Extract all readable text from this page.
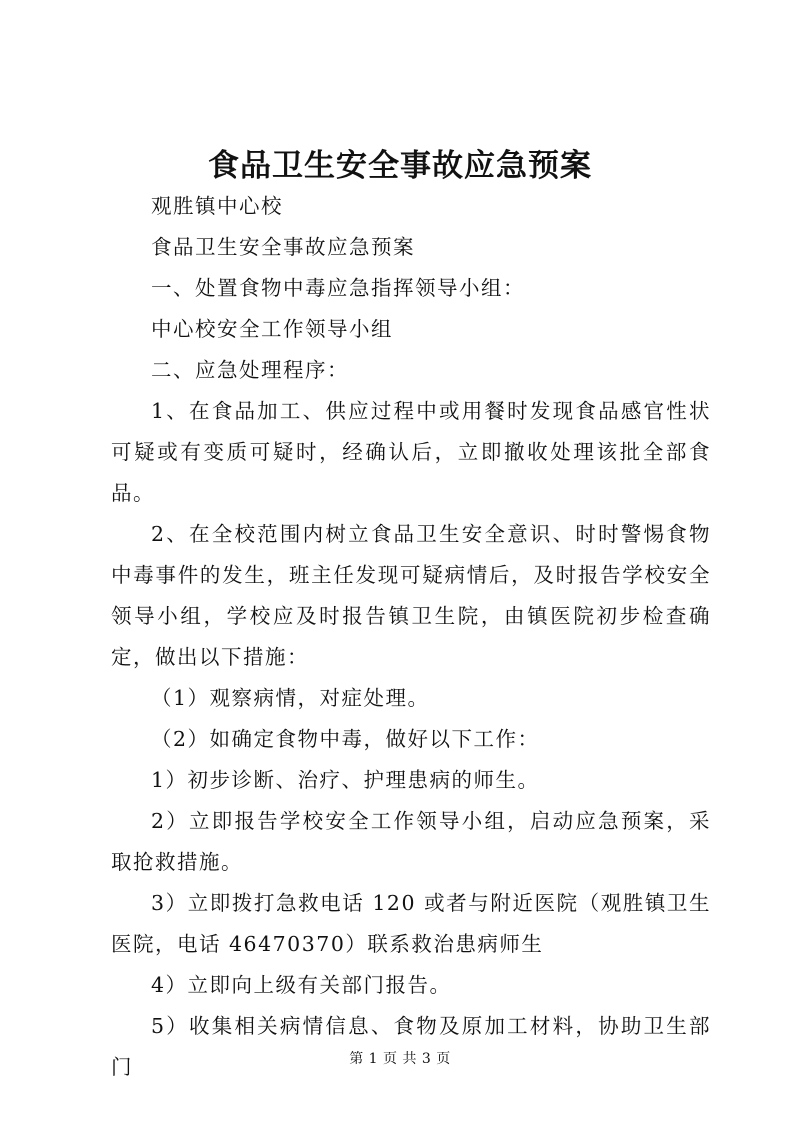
食品卫生安全事故应急预案

观胜镇中心校

食品卫生安全事故应急预案

一、处置食物中毒应急指挥领导小组：

中心校安全工作领导小组

二、应急处理程序：

1、在食品加工、供应过程中或用餐时发现食品感官性状可疑或有变质可疑时，经确认后，立即撤收处理该批全部食品。

2、在全校范围内树立食品卫生安全意识、时时警惕食物中毒事件的发生，班主任发现可疑病情后，及时报告学校安全领导小组，学校应及时报告镇卫生院，由镇医院初步检查确定，做出以下措施：

（1）观察病情，对症处理。

（2）如确定食物中毒，做好以下工作：

1）初步诊断、治疗、护理患病的师生。

2）立即报告学校安全工作领导小组，启动应急预案，采取抢救措施。

3）立即拨打急救电话 120 或者与附近医院（观胜镇卫生医院，电话 46470370）联系救治患病师生

4）立即向上级有关部门报告。

5）收集相关病情信息、食物及原加工材料，协助卫生部门	第 1 页 共 3 页
